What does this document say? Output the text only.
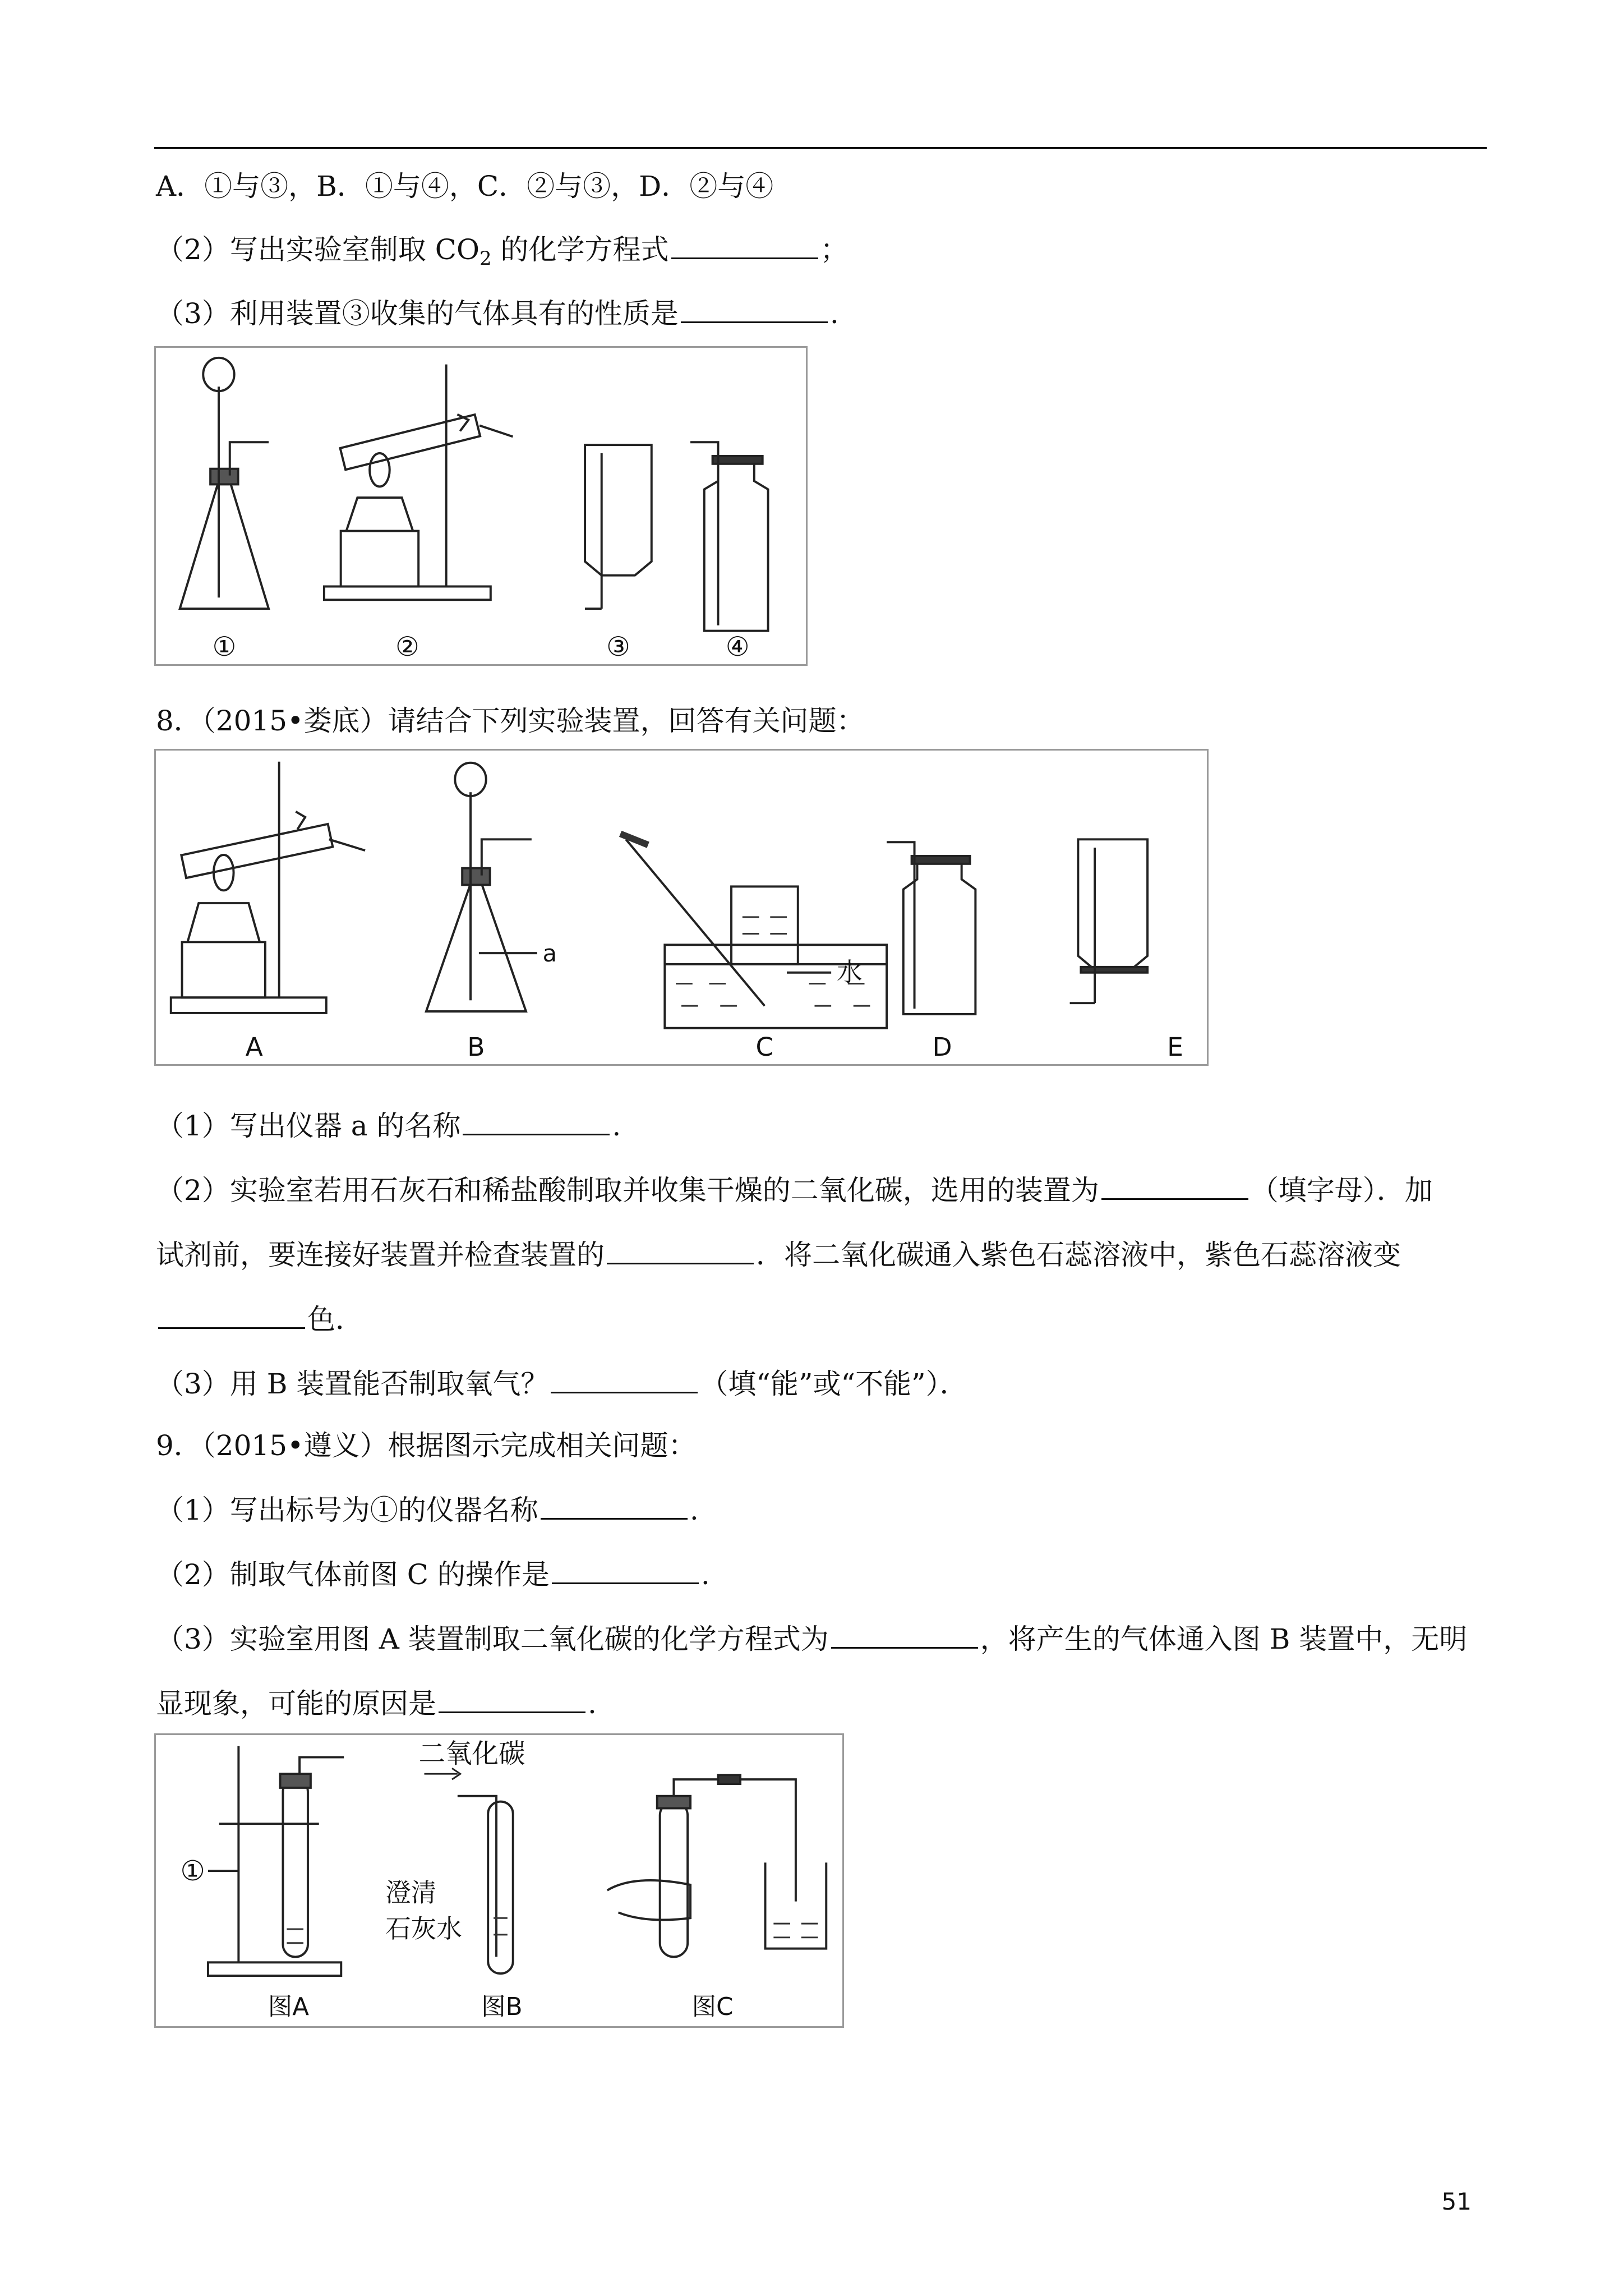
A．①与③，B．①与④，C．②与③，D．②与④
（2）写出实验室制取 $CO_2$ 的化学方程式	；
（3）利用装置③收集的气体具有的性质是	.
①	②	③	④
8．（2015•娄底）请结合下列实验装置，回答有关问题：
a
水
A	B	C	D	E
（1）写出仪器 a 的名称	.
（2）实验室若用石灰石和稀盐酸制取并收集干燥的二氧化碳，选用的装置为	（填字母）．加
试剂前，要连接好装置并检查装置的	．将二氧化碳通入紫色石蕊溶液中，紫色石蕊溶液变
色．
（3）用 B 装置能否制取氧气？	（填“能”或“不能”）．
9．（2015•遵义）根据图示完成相关问题：
（1）写出标号为①的仪器名称	.
（2）制取气体前图 C 的操作是	.
（3）实验室用图 A 装置制取二氧化碳的化学方程式为	，将产生的气体通入图 B 装置中，无明
显现象，可能的原因是	.
①
二氧化碳
澄清
石灰水
图A	图B	图C
51
